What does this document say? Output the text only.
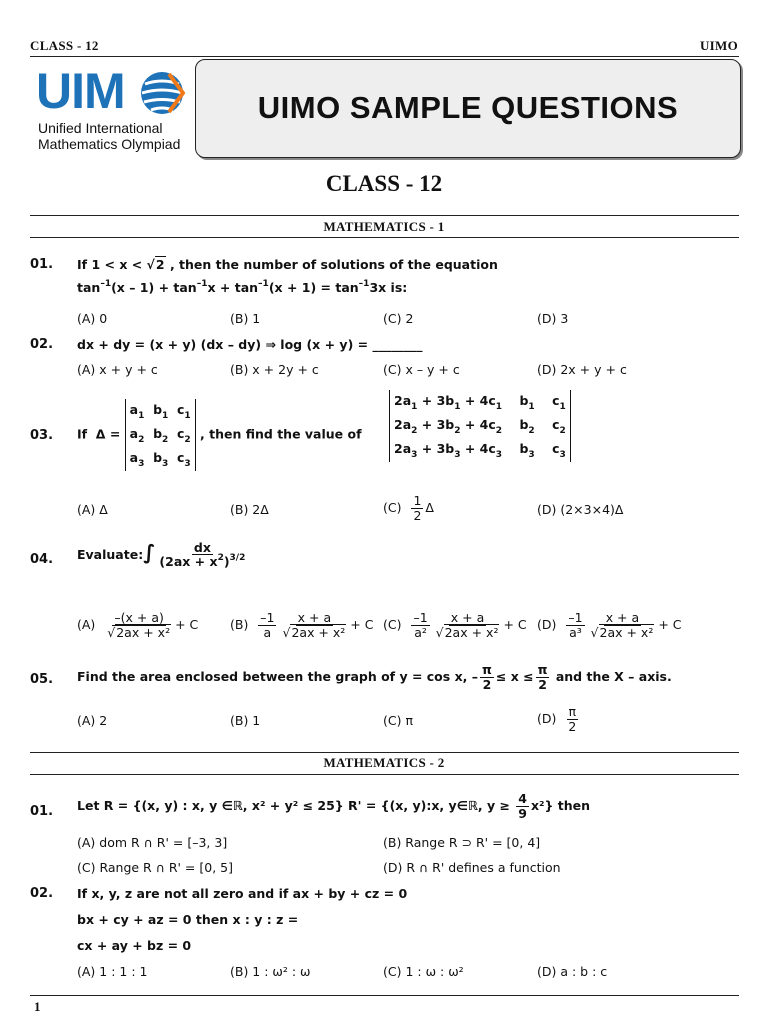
CLASS - 12	UIMO
UIM
Unified International
Mathematics Olympiad
UIMO SAMPLE QUESTIONS
CLASS - 12
MATHEMATICS - 1
01. If 1 < x < √2 , then the number of solutions of the equation
$\tan^{-1}(x - 1) + \tan^{-1}x + \tan^{-1}(x + 1) = \tan^{-1}3x$ is:
(A) 0	(B) 1	(C) 2	(D) 3
02. dx + dy = (x + y) (dx – dy) ⇒ log (x + y) = ________
(A) x + y + c	(B) x + 2y + c	(C) x – y + c	(D) 2x + y + c
03. If  $\Delta = a_1$  $b_1$  $c_1$
$a_2$  $b_2$  $c_2$
$a_3$  $b_3$  $c_3$ , then find the value of
$2a_1 + 3b_1 + 4c_1$    $b_1$    $c_1$
$2a_2 + 3b_2 + 4c_2$    $b_2$    $c_2$
$2a_3 + 3b_3 + 4c_3$    $b_3$    $c_3$
(A) Δ	(B) 2Δ	$(C) \frac{1}{2}$ Δ	(D) (2×3×4)Δ
04. Evaluate:∫ $\frac{dx}{(2ax + x^2)^{3/2}}$
$(A) \frac{-(x + a)}{\text{√2ax + x²}} + C$	$(B) \frac{-1}{a} \frac{x + a}{\text{√2ax + x²}} + C$ $(C) \frac{-1}{\text{a²}} \frac{x + a}{\text{√2ax + x²}} + C$ $(D) \frac{-1}{\text{a³}} \frac{x + a}{\text{√2ax + x²}} + C$
05. Find the area enclosed between the graph of y = cos x, – $\frac{\pi}{2} \le x \le \frac{\pi}{2}$ and the X – axis.
(A) 2	(B) 1	(C) π	$(D) \frac{\pi}{2}$
MATHEMATICS - 2
01. Let R = {(x, y) : x, y ∈ℝ, x² + y² ≤ 25} R' = {(x, y):x, y∈ℝ, $y \ge \frac{4}{9} x^2$} then
(A) dom R ∩ R' = [–3, 3]	(B) Range R ⊃ R' = [0, 4]
(C) Range R ∩ R' = [0, 5]	(D) R ∩ R' defines a function
02. If x, y, z are not all zero and if ax + by + cz = 0
bx + cy + az = 0 then x : y : z =
cx + ay + bz = 0
(A) 1 : 1 : 1	(B) 1 : ω² : ω	(C) 1 : ω : ω²	(D) a : b : c
1
